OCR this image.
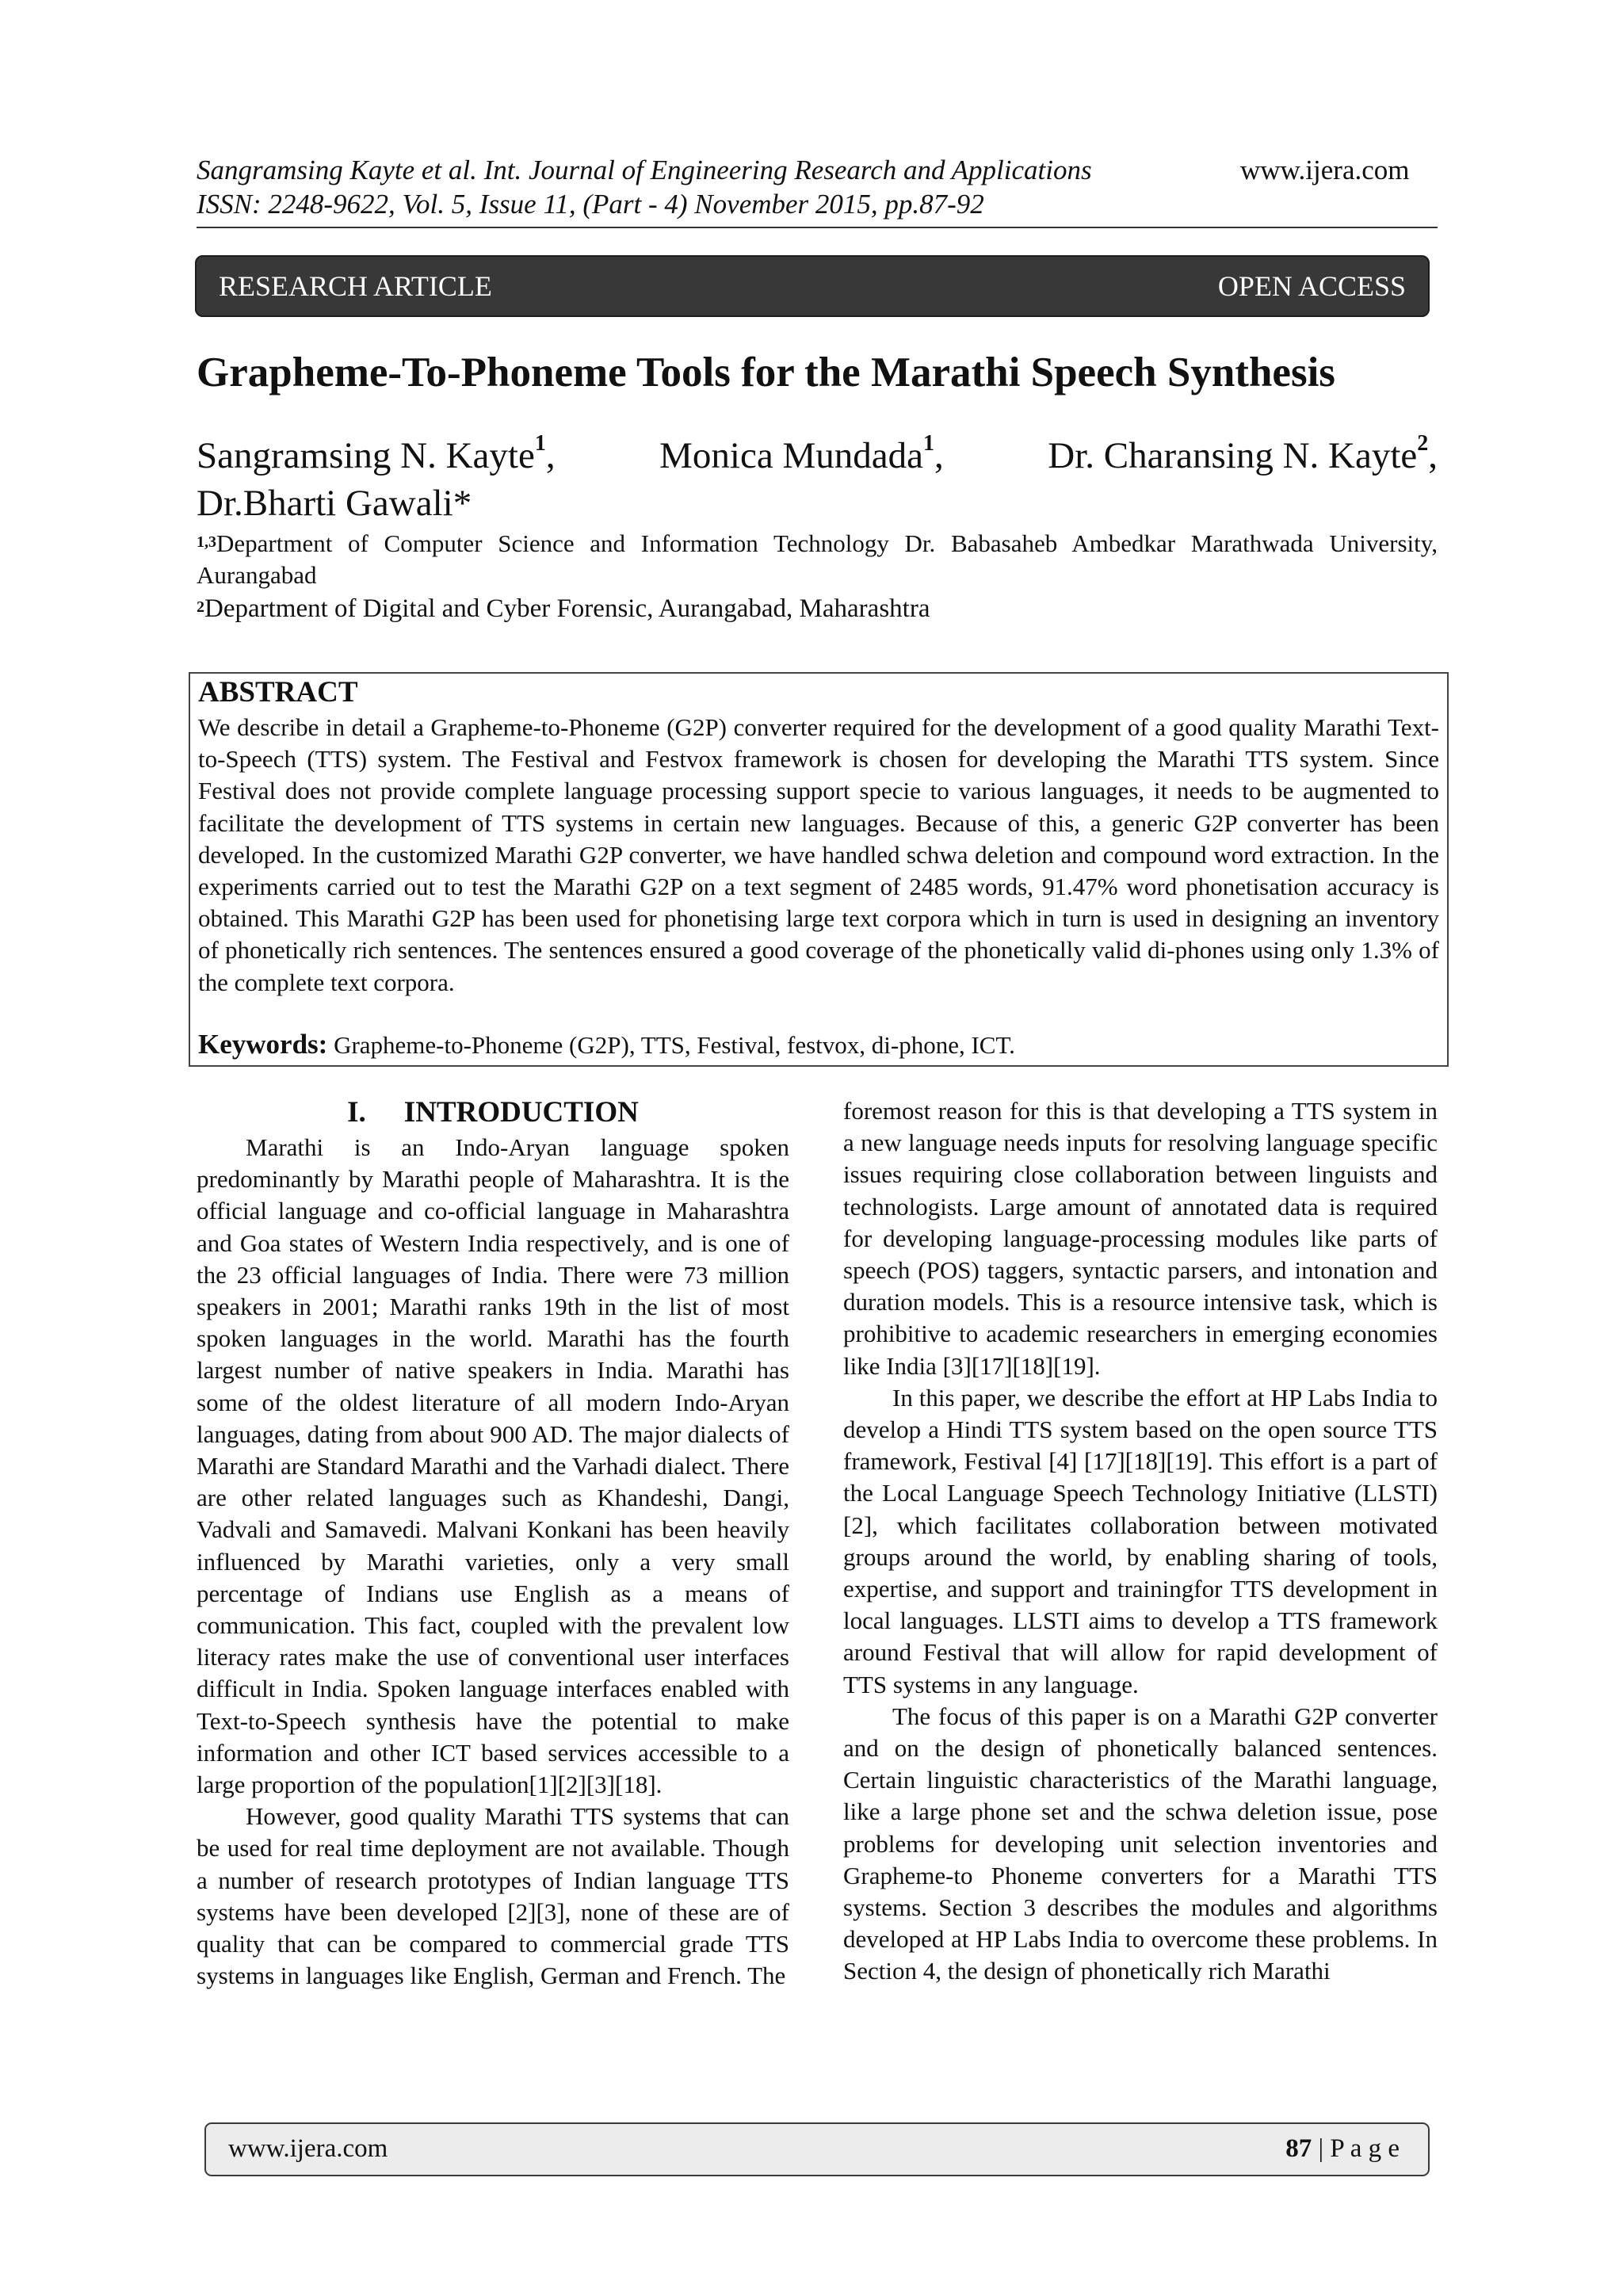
Sangramsing Kayte et al. Int. Journal of Engineering Research and Applications	www.ijera.com
ISSN: 2248-9622, Vol. 5, Issue 11, (Part - 4) November 2015, pp.87-92
RESEARCH ARTICLE	OPEN ACCESS
Grapheme-To-Phoneme Tools for the Marathi Speech Synthesis
Sangramsing N. Kayte$^1$,	Monica Mundada$^1$,	Dr. Charansing N. Kayte$^2$,
Dr.Bharti Gawali*
$^{1,3}$Department of Computer Science and Information Technology Dr. Babasaheb Ambedkar Marathwada University, Aurangabad
$^2$Department of Digital and Cyber Forensic, Aurangabad, Maharashtra
ABSTRACT
We describe in detail a Grapheme-to-Phoneme (G2P) converter required for the development of a good quality Marathi Text-to-Speech (TTS) system. The Festival and Festvox framework is chosen for developing the Marathi TTS system. Since Festival does not provide complete language processing support specie to various languages, it needs to be augmented to facilitate the development of TTS systems in certain new languages. Because of this, a generic G2P converter has been developed. In the customized Marathi G2P converter, we have handled schwa deletion and compound word extraction. In the experiments carried out to test the Marathi G2P on a text segment of 2485 words, 91.47% word phonetisation accuracy is obtained. This Marathi G2P has been used for phonetising large text corpora which in turn is used in designing an inventory of phonetically rich sentences. The sentences ensured a good coverage of the phonetically valid di-phones using only 1.3% of the complete text corpora.
Keywords: Grapheme-to-Phoneme (G2P), TTS, Festival, festvox, di-phone, ICT.
I. INTRODUCTION

Marathi is an Indo-Aryan language spoken predominantly by Marathi people of Maharashtra. It is the official language and co-official language in Maharashtra and Goa states of Western India respectively, and is one of the 23 official languages of India. There were 73 million speakers in 2001; Marathi ranks 19th in the list of most spoken languages in the world. Marathi has the fourth largest number of native speakers in India. Marathi has some of the oldest literature of all modern Indo-Aryan languages, dating from about 900 AD. The major dialects of Marathi are Standard Marathi and the Varhadi dialect. There are other related languages such as Khandeshi, Dangi, Vadvali and Samavedi. Malvani Konkani has been heavily influenced by Marathi varieties, only a very small percentage of Indians use English as a means of communication. This fact, coupled with the prevalent low literacy rates make the use of conventional user interfaces difficult in India. Spoken language interfaces enabled with Text-to-Speech synthesis have the potential to make information and other ICT based services accessible to a large proportion of the population[1][2][3][18].

However, good quality Marathi TTS systems that can be used for real time deployment are not available. Though a number of research prototypes of Indian language TTS systems have been developed [2][3], none of these are of quality that can be compared to commercial grade TTS systems in languages like English, German and French. The

foremost reason for this is that developing a TTS system in a new language needs inputs for resolving language specific issues requiring close collaboration between linguists and technologists. Large amount of annotated data is required for developing language-processing modules like parts of speech (POS) taggers, syntactic parsers, and intonation and duration models. This is a resource intensive task, which is prohibitive to academic researchers in emerging economies like India [3][17][18][19].

In this paper, we describe the effort at HP Labs India to develop a Hindi TTS system based on the open source TTS framework, Festival [4] [17][18][19]. This effort is a part of the Local Language Speech Technology Initiative (LLSTI) [2], which facilitates collaboration between motivated groups around the world, by enabling sharing of tools, expertise, and support and trainingfor TTS development in local languages. LLSTI aims to develop a TTS framework around Festival that will allow for rapid development of TTS systems in any language.

The focus of this paper is on a Marathi G2P converter and on the design of phonetically balanced sentences. Certain linguistic characteristics of the Marathi language, like a large phone set and the schwa deletion issue, pose problems for developing unit selection inventories and Grapheme-to Phoneme converters for a Marathi TTS systems. Section 3 describes the modules and algorithms developed at HP Labs India to overcome these problems. In Section 4, the design of phonetically rich Marathi

www.ijera.com	87 | P a g e
